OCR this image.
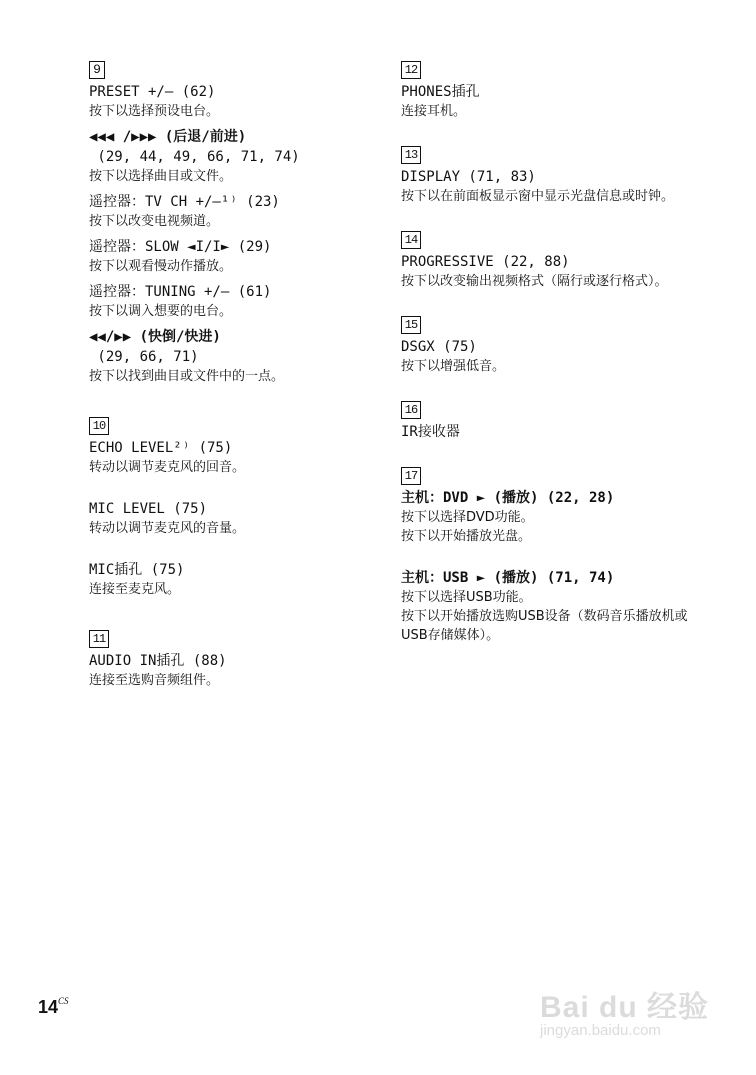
9
PRESET +/– (62)
按下以选择预设电台。
◀◀◀ /▶▶▶ (后退/前进)
(29, 44, 49, 66, 71, 74)
按下以选择曲目或文件。
遥控器：TV CH +/–¹⁾ (23)
按下以改变电视频道。
遥控器：SLOW ◄I/I► (29)
按下以观看慢动作播放。
遥控器：TUNING +/– (61)
按下以调入想要的电台。
◀◀/▶▶ (快倒/快进)
(29, 66, 71)
按下以找到曲目或文件中的一点。
10
ECHO LEVEL²⁾ (75)
转动以调节麦克风的回音。
MIC LEVEL (75)
转动以调节麦克风的音量。
MIC插孔 (75)
连接至麦克风。
11
AUDIO IN插孔 (88)
连接至选购音频组件。
12
PHONES插孔
连接耳机。
13
DISPLAY (71, 83)
按下以在前面板显示窗中显示光盘信息或时钟。
14
PROGRESSIVE (22, 88)
按下以改变输出视频格式（隔行或逐行格式）。
15
DSGX (75)
按下以增强低音。
16
IR接收器
17
主机：DVD ► (播放) (22, 28)
按下以选择DVD功能。
按下以开始播放光盘。
主机：USB ► (播放) (71, 74)
按下以选择USB功能。
按下以开始播放选购USB设备（数码音乐播放机或USB存储媒体）。
$14^{CS}$	Bai du 经验
jingyan.baidu.com
